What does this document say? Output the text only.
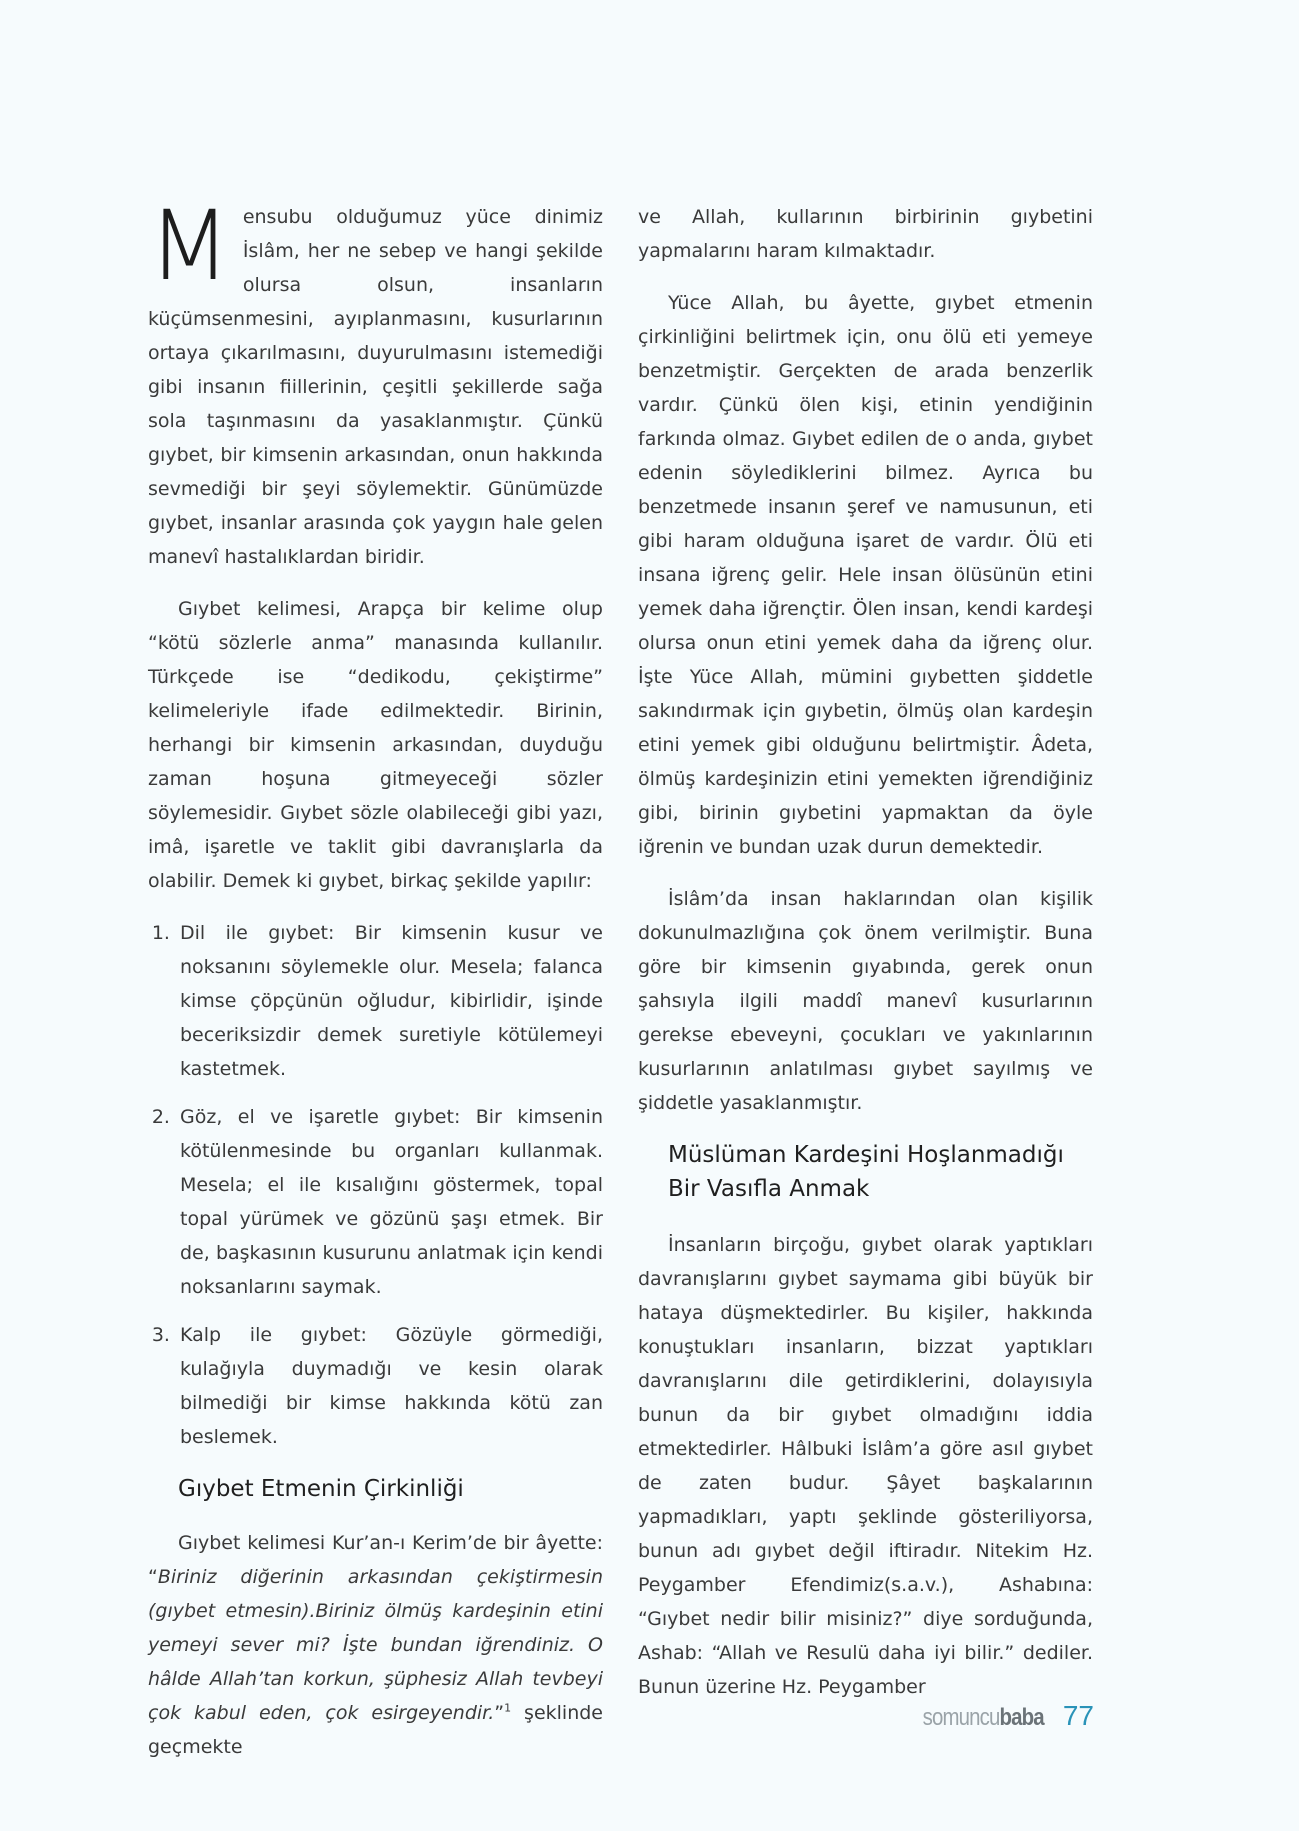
Mensubu olduğumuz yüce dinimiz İslâm, her ne sebep ve hangi şekilde olursa olsun, insanların küçümsenmesini, ayıplanmasını, kusurlarının ortaya çıkarılmasını, duyurulmasını istemediği gibi insanın fiillerinin, çeşitli şekillerde sağa sola taşınmasını da yasaklanmıştır. Çünkü gıybet, bir kimsenin arkasından, onun hakkında sevmediği bir şeyi söylemektir. Günümüzde gıybet, insanlar arasında çok yaygın hale gelen manevî hastalıklardan biridir.

Gıybet kelimesi, Arapça bir kelime olup “kötü sözlerle anma” manasında kullanılır. Türkçede ise “dedikodu, çekiştirme” kelimeleriyle ifade edilmektedir. Birinin, herhangi bir kimsenin arkasından, duyduğu zaman hoşuna gitmeyeceği sözler söylemesidir. Gıybet sözle olabileceği gibi yazı, imâ, işaretle ve taklit gibi davranışlarla da olabilir. Demek ki gıybet, birkaç şekilde yapılır:

1. Dil ile gıybet: Bir kimsenin kusur ve noksanını söylemekle olur. Mesela; falanca kimse çöpçünün oğludur, kibirlidir, işinde beceriksizdir demek suretiyle kötülemeyi kastetmek.
2. Göz, el ve işaretle gıybet: Bir kimsenin kötülenmesinde bu organları kullanmak. Mesela; el ile kısalığını göstermek, topal topal yürümek ve gözünü şaşı etmek. Bir de, başkasının kusurunu anlatmak için kendi noksanlarını saymak.
3. Kalp ile gıybet: Gözüyle görmediği, kulağıyla duymadığı ve kesin olarak bilmediği bir kimse hakkında kötü zan beslemek.
Gıybet Etmenin Çirkinliği

Gıybet kelimesi Kur’an-ı Kerim’de bir âyette: “Biriniz diğerinin arkasından çekiştirmesin (gıybet etmesin).Biriniz ölmüş kardeşinin etini yemeyi sever mi? İşte bundan iğrendiniz. O hâlde Allah’tan korkun, şüphesiz Allah tevbeyi çok kabul eden, çok esirgeyendir.”$^1$ şeklinde geçmekte

ve Allah, kullarının birbirinin gıybetini yapmalarını haram kılmaktadır.

Yüce Allah, bu âyette, gıybet etmenin çirkinliğini belirtmek için, onu ölü eti yemeye benzetmiştir. Gerçekten de arada benzerlik vardır. Çünkü ölen kişi, etinin yendiğinin farkında olmaz. Gıybet edilen de o anda, gıybet edenin söylediklerini bilmez. Ayrıca bu benzetmede insanın şeref ve namusunun, eti gibi haram olduğuna işaret de vardır. Ölü eti insana iğrenç gelir. Hele insan ölüsünün etini yemek daha iğrençtir. Ölen insan, kendi kardeşi olursa onun etini yemek daha da iğrenç olur. İşte Yüce Allah, mümini gıybetten şiddetle sakındırmak için gıybetin, ölmüş olan kardeşin etini yemek gibi olduğunu belirtmiştir. Âdeta, ölmüş kardeşinizin etini yemekten iğrendiğiniz gibi, birinin gıybetini yapmaktan da öyle iğrenin ve bundan uzak durun demektedir.

İslâm’da insan haklarından olan kişilik dokunulmazlığına çok önem verilmiştir. Buna göre bir kimsenin gıyabında, gerek onun şahsıyla ilgili maddî manevî kusurlarının gerekse ebeveyni, çocukları ve yakınlarının kusurlarının anlatılması gıybet sayılmış ve şiddetle yasaklanmıştır.

Müslüman Kardeşini Hoşlanmadığı Bir Vasıfla Anmak

İnsanların birçoğu, gıybet olarak yaptıkları davranışlarını gıybet saymama gibi büyük bir hataya düşmektedirler. Bu kişiler, hakkında konuştukları insanların, bizzat yaptıkları davranışlarını dile getirdiklerini, dolayısıyla bunun da bir gıybet olmadığını iddia etmektedirler. Hâlbuki İslâm’a göre asıl gıybet de zaten budur. Şâyet başkalarının yapmadıkları, yaptı şeklinde gösteriliyorsa, bunun adı gıybet değil iftiradır. Nitekim Hz. Peygamber Efendimiz(s.a.v.), Ashabına: “Gıybet nedir bilir misiniz?” diye sorduğunda, Ashab: “Allah ve Resulü daha iyi bilir.” dediler. Bunun üzerine Hz. Peygamber

somuncubaba 77
